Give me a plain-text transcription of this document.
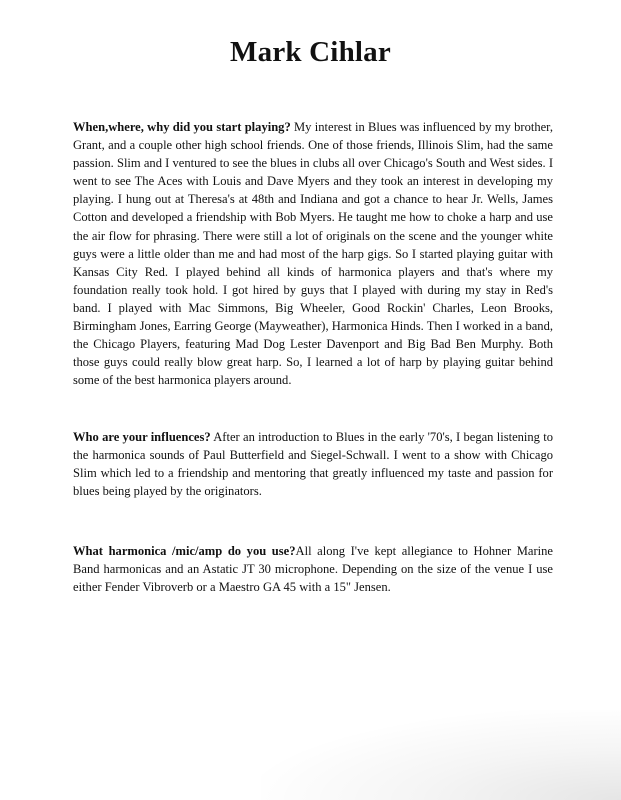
Mark Cihlar

When,where, why did you start playing? My interest in Blues was influenced by my brother, Grant, and a couple other high school friends. One of those friends, Illinois Slim, had the same passion. Slim and I ventured to see the blues in clubs all over Chicago's South and West sides. I went to see The Aces with Louis and Dave Myers and they took an interest in developing my playing. I hung out at Theresa's at 48th and Indiana and got a chance to hear Jr. Wells, James Cotton and developed a friendship with Bob Myers. He taught me how to choke a harp and use the air flow for phrasing. There were still a lot of originals on the scene and the younger white guys were a little older than me and had most of the harp gigs. So I started playing guitar with Kansas City Red. I played behind all kinds of harmonica players and that's where my foundation really took hold. I got hired by guys that I played with during my stay in Red's band. I played with Mac Simmons, Big Wheeler, Good Rockin' Charles, Leon Brooks, Birmingham Jones, Earring George (Mayweather), Harmonica Hinds. Then I worked in a band, the Chicago Players, featuring Mad Dog Lester Davenport and Big Bad Ben Murphy. Both those guys could really blow great harp. So, I learned a lot of harp by playing guitar behind some of the best harmonica players around.

Who are your influences? After an introduction to Blues in the early '70's, I began listening to the harmonica sounds of Paul Butterfield and Siegel-Schwall. I went to a show with Chicago Slim which led to a friendship and mentoring that greatly influenced my taste and passion for blues being played by the originators.

What harmonica /mic/amp do you use?All along I've kept allegiance to Hohner Marine Band harmonicas and an Astatic JT 30 microphone. Depending on the size of the venue I use either Fender Vibroverb or a Maestro GA 45 with a 15" Jensen.
